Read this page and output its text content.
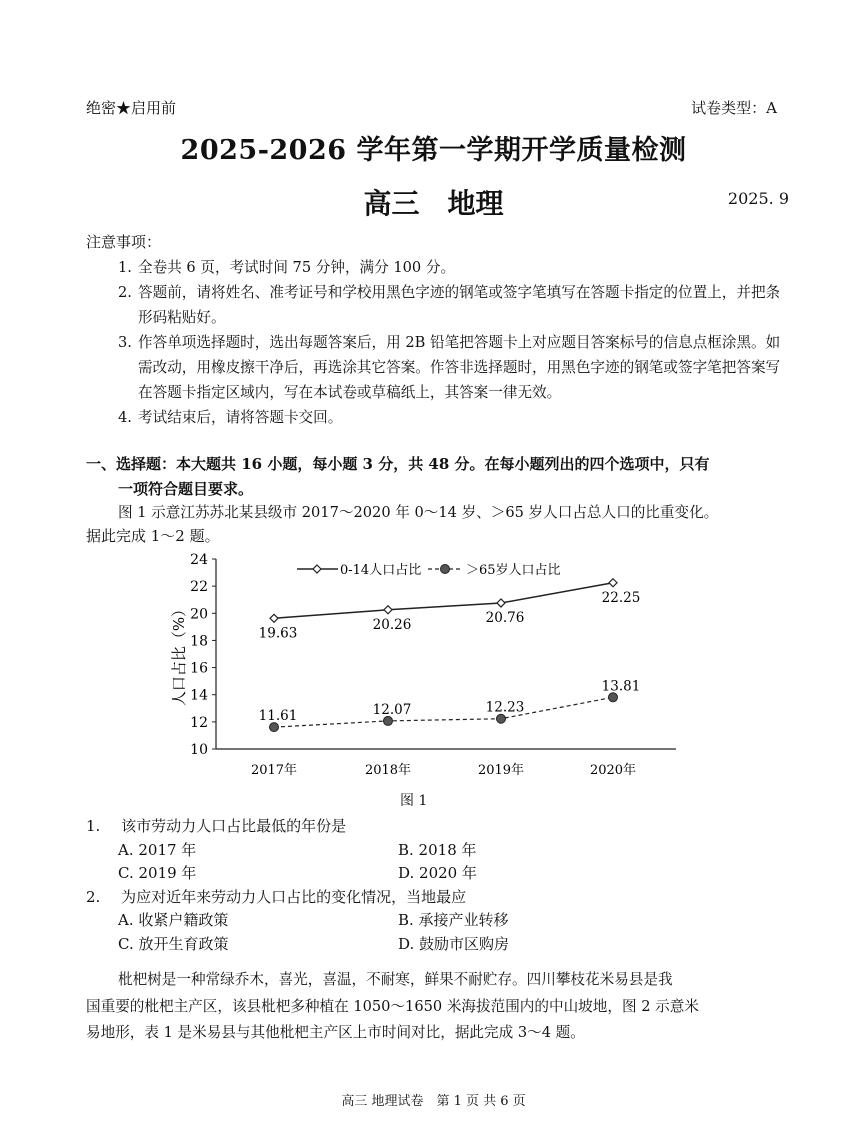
绝密★启用前	试卷类型：A
2025-2026 学年第一学期开学质量检测
高三　地理	2025. 9
注意事项：
1. 全卷共 6 页，考试时间 75 分钟，满分 100 分。
2. 答题前，请将姓名、准考证号和学校用黑色字迹的钢笔或签字笔填写在答题卡指定的位置上，并把条形码粘贴好。
3. 作答单项选择题时，选出每题答案后，用 2B 铅笔把答题卡上对应题目答案标号的信息点框涂黑。如需改动，用橡皮擦干净后，再选涂其它答案。作答非选择题时，用黑色字迹的钢笔或签字笔把答案写在答题卡指定区域内，写在本试卷或草稿纸上，其答案一律无效。
4. 考试结束后，请将答题卡交回。
一、选择题：本大题共 16 小题，每小题 3 分，共 48 分。在每小题列出的四个选项中，只有
一项符合题目要求。
图 1 示意江苏苏北某县级市 2017～2020 年 0～14 岁、＞65 岁人口占总人口的比重变化。
据此完成 1～2 题。
10
12
14
16
18
20
22
24
2017年	2018年	2019年	2020年
人口占比（%）	19.63
20.26	20.76
22.25
11.61	12.07	12.23
13.81
0-14人口占比	＞65岁人口占比
图 1
1. 该市劳动力人口占比最低的年份是
A. 2017 年	B. 2018 年
C. 2019 年	D. 2020 年
2. 为应对近年来劳动力人口占比的变化情况，当地最应
A. 收紧户籍政策	B. 承接产业转移
C. 放开生育政策	D. 鼓励市区购房
枇杷树是一种常绿乔木，喜光，喜温，不耐寒，鲜果不耐贮存。四川攀枝花米易县是我
国重要的枇杷主产区，该县枇杷多种植在 1050～1650 米海拔范围内的中山坡地，图 2 示意米
易地形，表 1 是米易县与其他枇杷主产区上市时间对比，据此完成 3～4 题。
高三 地理试卷　第 1 页 共 6 页
